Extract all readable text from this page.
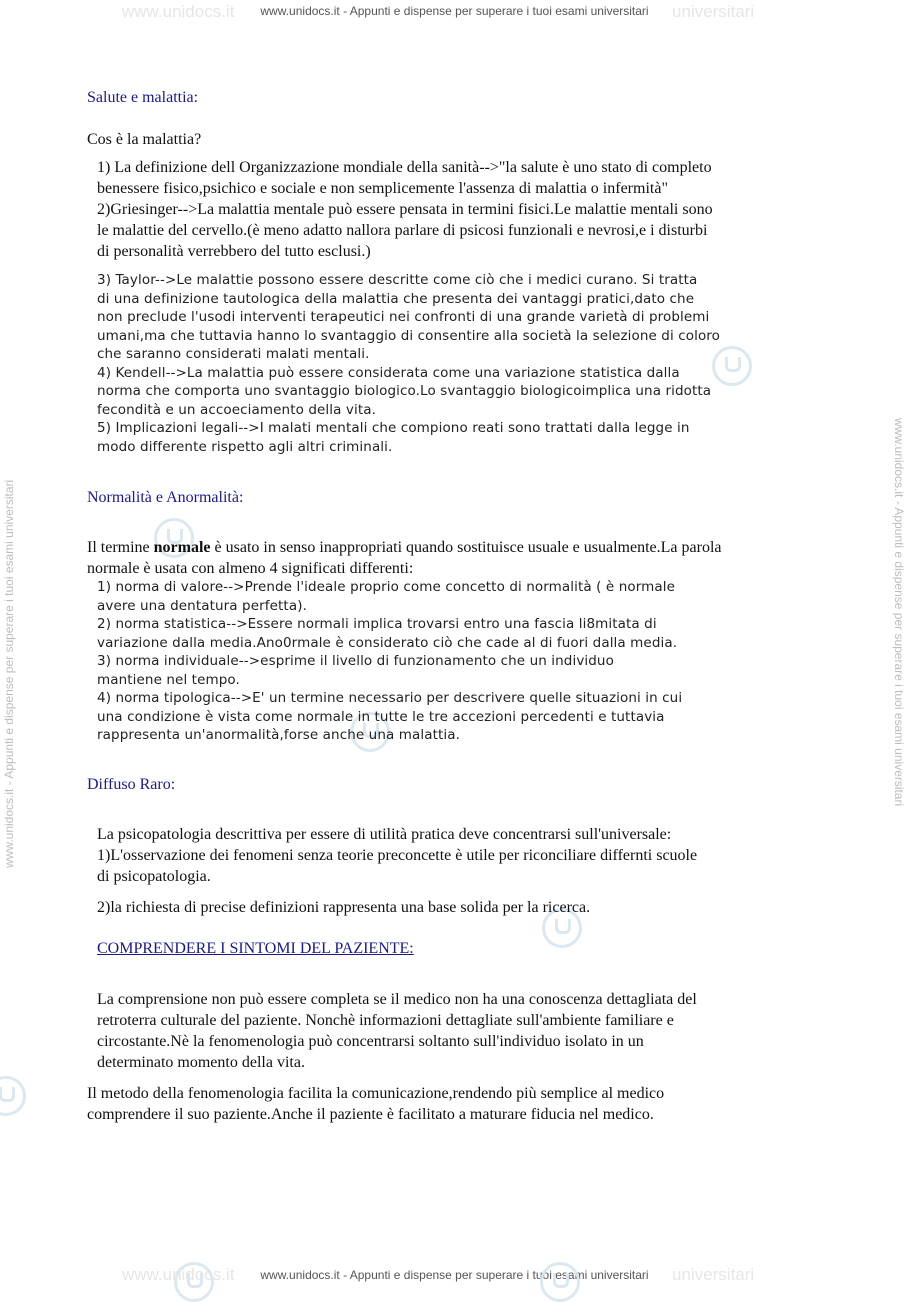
www.unidocs.it	universitari
www.unidocs.it - Appunti e dispense per superare i tuoi esami universitari
www.unidocs.it	universitari
www.unidocs.it - Appunti e dispense per superare i tuoi esami universitari
www.unidocs.it - Appunti e dispense per superare i tuoi esami universitari	www.unidocs.it - Appunti e dispense per superare i tuoi esami universitari
Salute e malattia:
Cos è la malattia?
1) La definizione dell Organizzazione mondiale della sanità-->"la salute è uno stato di completo
benessere fisico,psichico e sociale e non semplicemente l'assenza di malattia o infermità"
2)Griesinger-->La malattia mentale può essere pensata in termini fisici.Le malattie mentali sono
le malattie del cervello.(è meno adatto nallora parlare di psicosi funzionali e nevrosi,e i disturbi
di personalità verrebbero del tutto esclusi.)
3) Taylor-->Le malattie possono essere descritte come ciò che i medici curano. Si tratta
di una definizione tautologica della malattia che presenta dei vantaggi pratici,dato che
non preclude l'usodi interventi terapeutici nei confronti di una grande varietà di problemi
umani,ma che tuttavia hanno lo svantaggio di consentire alla società la selezione di coloro
che saranno considerati malati mentali.
4) Kendell-->La malattia può essere considerata come una variazione statistica dalla
norma che comporta uno svantaggio biologico.Lo svantaggio biologicoimplica una ridotta
fecondità e un accoeciamento della vita.
5) Implicazioni legali-->I malati mentali che compiono reati sono trattati dalla legge in
modo differente rispetto agli altri criminali.
Normalità e Anormalità:
Il termine normale è usato in senso inappropriati quando sostituisce usuale e usualmente.La parola
normale è usata con almeno 4 significati differenti:
1) norma di valore-->Prende l'ideale proprio come concetto di normalità ( è normale
avere una dentatura perfetta).
2) norma statistica-->Essere normali implica trovarsi entro una fascia li8mitata di
variazione dalla media.Ano0rmale è considerato ciò che cade al di fuori dalla media.
3) norma individuale-->esprime il livello di funzionamento che un individuo
mantiene nel tempo.
4) norma tipologica-->E' un termine necessario per descrivere quelle situazioni in cui
una condizione è vista come normale in tutte le tre accezioni percedenti e tuttavia
rappresenta un'anormalità,forse anche una malattia.
Diffuso Raro:
La psicopatologia descrittiva per essere di utilità pratica deve concentrarsi sull'universale:
1)L'osservazione dei fenomeni senza teorie preconcette è utile per riconciliare differnti scuole
di psicopatologia.
2)la richiesta di precise definizioni rappresenta una base solida per la ricerca.
COMPRENDERE I SINTOMI DEL PAZIENTE:
La comprensione non può essere completa se il medico non ha una conoscenza dettagliata del
retroterra culturale del paziente. Nonchè informazioni dettagliate sull'ambiente familiare e
circostante.Nè la fenomenologia può concentrarsi soltanto sull'individuo isolato in un
determinato momento della vita.
Il metodo della fenomenologia facilita la comunicazione,rendendo più semplice al medico
comprendere il suo paziente.Anche il paziente è facilitato a maturare fiducia nel medico.
